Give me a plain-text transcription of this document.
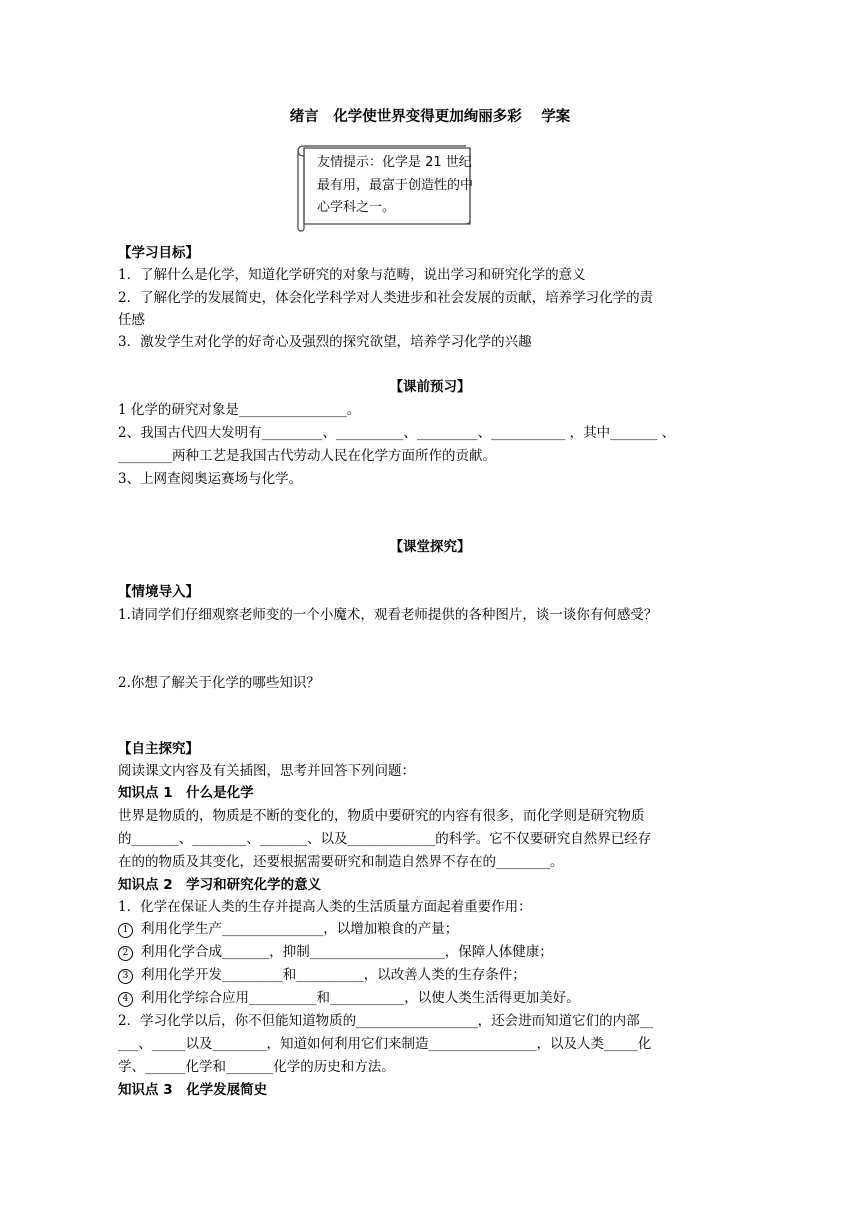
绪言　化学使世界变得更加绚丽多彩　 学案
友情提示：化学是 21 世纪最有用，最富于创造性的中心学科之一。
【学习目标】
1．了解什么是化学，知道化学研究的对象与范畴，说出学习和研究化学的意义
2．了解化学的发展简史，体会化学科学对人类进步和社会发展的贡献，培养学习化学的责
任感
3．激发学生对化学的好奇心及强烈的探究欲望，培养学习化学的兴趣
【课前预习】
1 化学的研究对象是________________。
2、我国古代四大发明有_________、__________、_________、___________ ，其中_______ 、
________两种工艺是我国古代劳动人民在化学方面所作的贡献。
3、上网查阅奥运赛场与化学。
【课堂探究】
【情境导入】
1.请同学们仔细观察老师变的一个小魔术，观看老师提供的各种图片，谈一谈你有何感受？
2.你想了解关于化学的哪些知识？
【自主探究】
阅读课文内容及有关插图，思考并回答下列问题：
知识点 1　什么是化学
世界是物质的，物质是不断的变化的，物质中要研究的内容有很多，而化学则是研究物质
的_______、________、_______、以及_____________的科学。它不仅要研究自然界已经存
在的的物质及其变化，还要根据需要研究和制造自然界不存在的________。
知识点 2　学习和研究化学的意义
1．化学在保证人类的生存并提高人类的生活质量方面起着重要作用：
1 利用化学生产_______________，以增加粮食的产量；
2 利用化学合成_______，抑制____________________，保障人体健康；
3 利用化学开发_________和__________，以改善人类的生存条件；
4 利用化学综合应用__________和___________，以使人类生活得更加美好。
2．学习化学以后，你不但能知道物质的__________________，还会进而知道它们的内部__
___、_____以及________，知道如何利用它们来制造________________，以及人类_____化
学、______化学和_______化学的历史和方法。
知识点 3　化学发展简史
